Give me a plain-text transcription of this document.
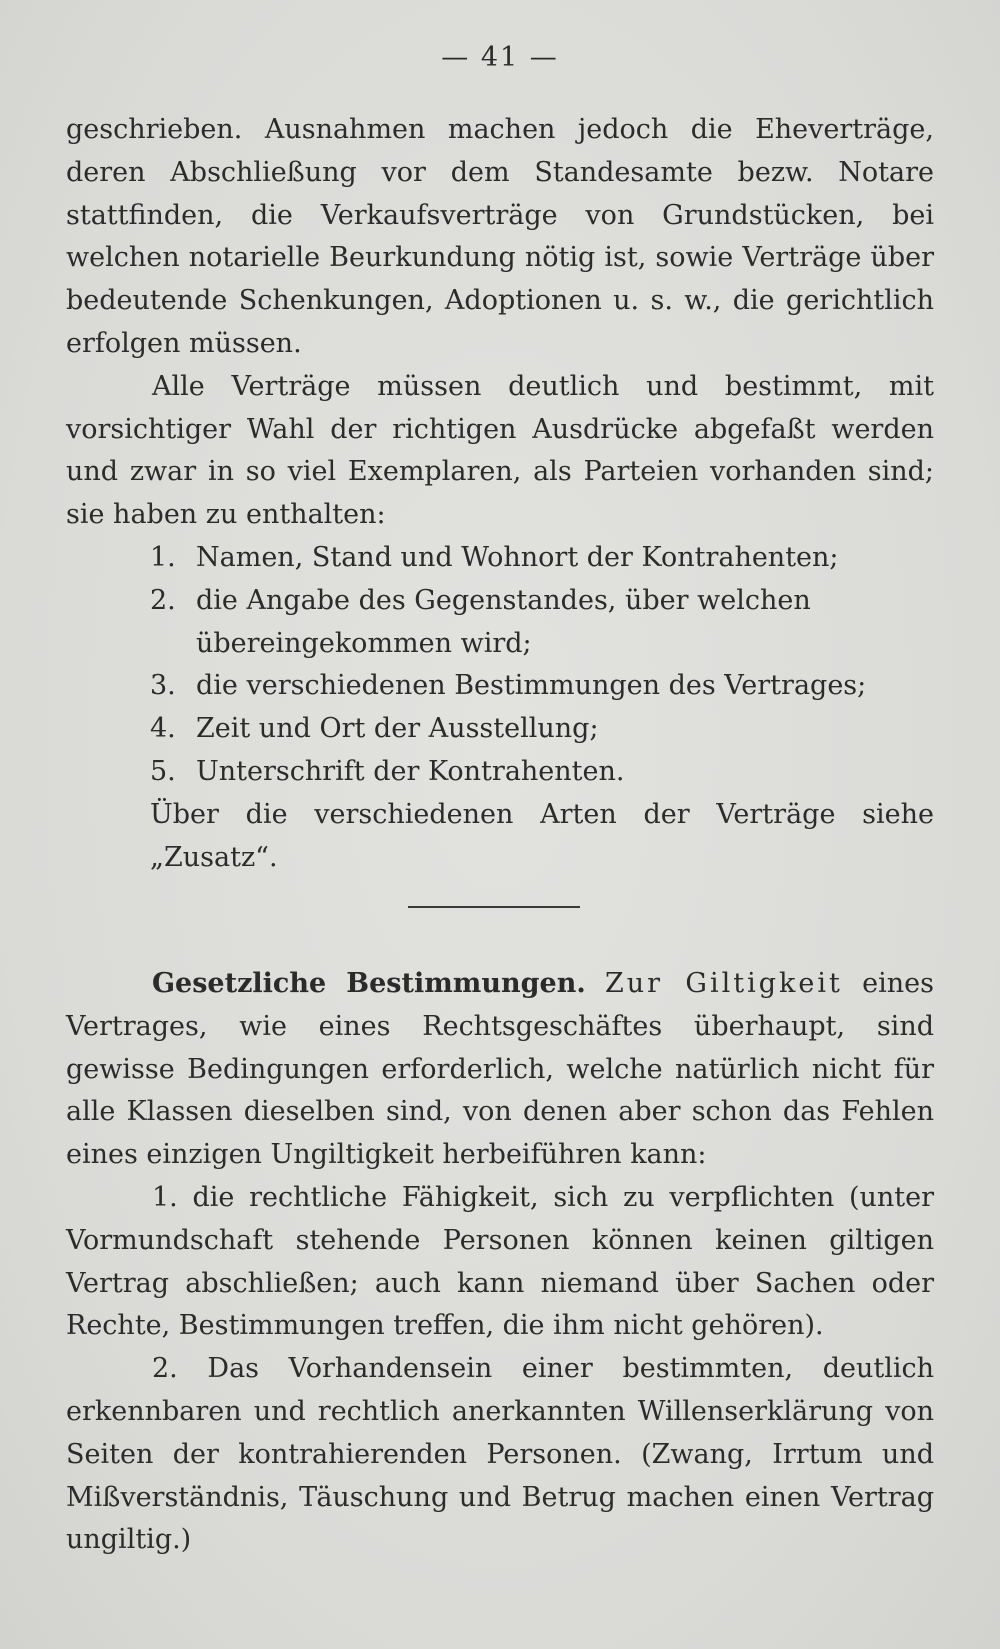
— 41 —

geschrieben. Ausnahmen machen jedoch die Eheverträge, deren Abschließung vor dem Standesamte bezw. Notare stattfinden, die Verkaufsverträge von Grundstücken, bei welchen notarielle Beurkundung nötig ist, sowie Verträge über bedeutende Schenkungen, Adoptionen u. s. w., die gerichtlich erfolgen müssen.

Alle Verträge müssen deutlich und bestimmt, mit vorsichtiger Wahl der richtigen Ausdrücke abgefaßt werden und zwar in so viel Exemplaren, als Parteien vorhanden sind; sie haben zu enthalten:

1. Namen, Stand und Wohnort der Kontrahenten;
2. die Angabe des Gegenstandes, über welchen übereingekommen wird;
3. die verschiedenen Bestimmungen des Vertrages;
4. Zeit und Ort der Ausstellung;
5. Unterschrift der Kontrahenten.

Über die verschiedenen Arten der Verträge siehe „Zusatz“.

Gesetzliche Bestimmungen. Zur Giltigkeit eines Vertrages, wie eines Rechtsgeschäftes überhaupt, sind gewisse Bedingungen erforderlich, welche natürlich nicht für alle Klassen dieselben sind, von denen aber schon das Fehlen eines einzigen Ungiltigkeit herbeiführen kann:

1. die rechtliche Fähigkeit, sich zu verpflichten (unter Vormundschaft stehende Personen können keinen giltigen Vertrag abschließen; auch kann niemand über Sachen oder Rechte, Bestimmungen treffen, die ihm nicht gehören).

2. Das Vorhandensein einer bestimmten, deutlich erkennbaren und rechtlich anerkannten Willenserklärung von Seiten der kontrahierenden Personen. (Zwang, Irrtum und Mißverständnis, Täuschung und Betrug machen einen Vertrag ungiltig.)
